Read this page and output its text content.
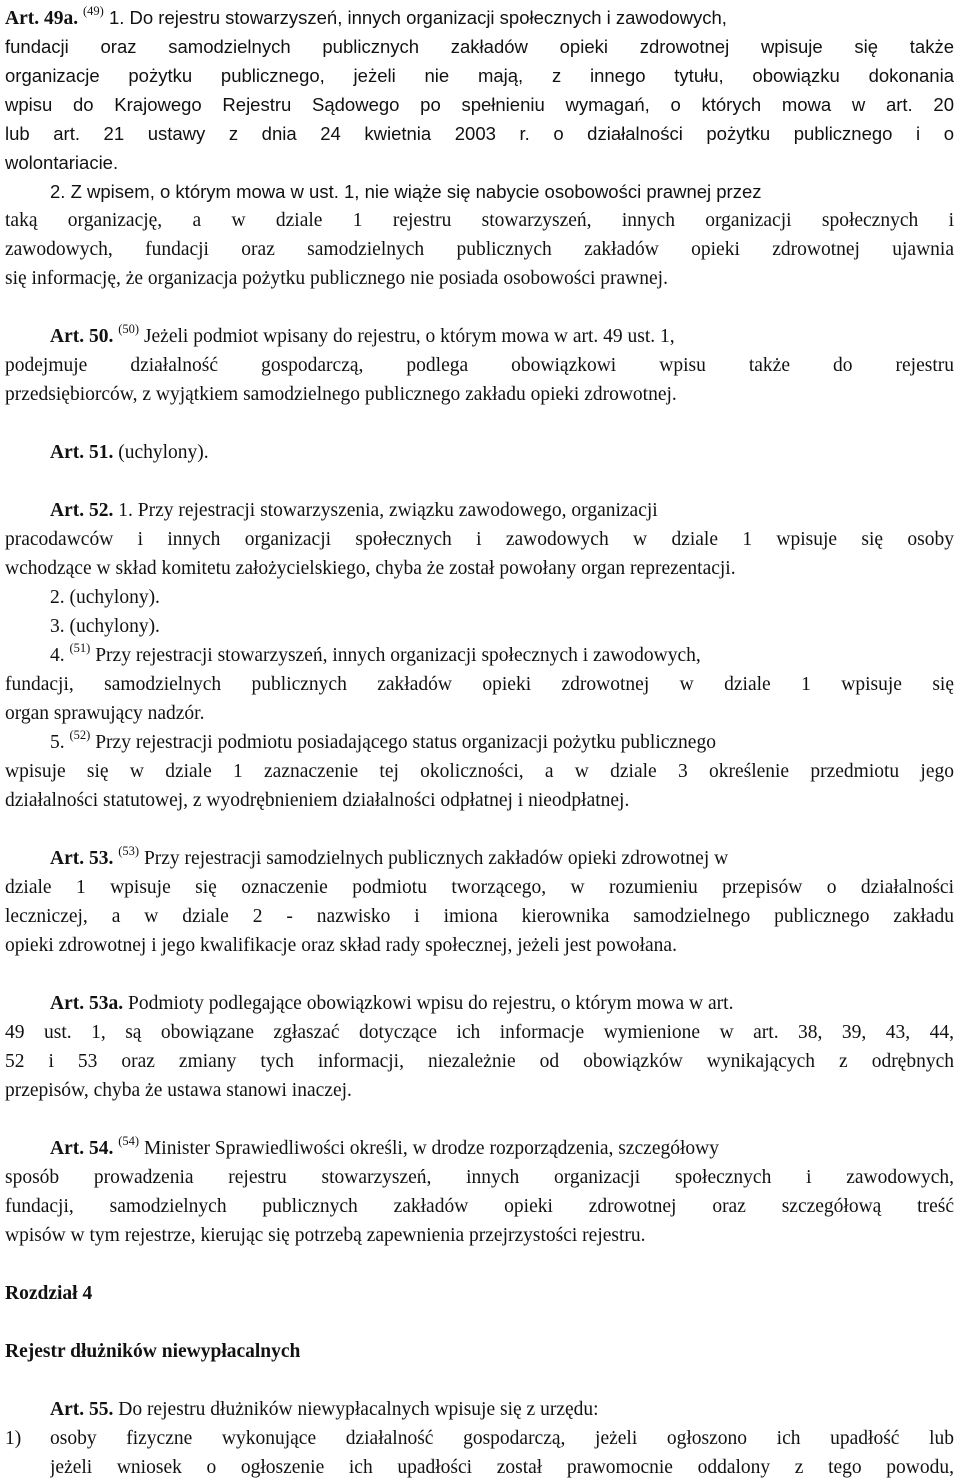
Art. 49a. $^{(49)}$ 1. Do rejestru stowarzyszeń, innych organizacji społecznych i zawodowych,
fundacji oraz samodzielnych publicznych zakładów opieki zdrowotnej wpisuje się także
organizacje pożytku publicznego, jeżeli nie mają, z innego tytułu, obowiązku dokonania
wpisu do Krajowego Rejestru Sądowego po spełnieniu wymagań, o których mowa w art. 20
lub art. 21 ustawy z dnia 24 kwietnia 2003 r. o działalności pożytku publicznego i o
wolontariacie.
2. Z wpisem, o którym mowa w ust. 1, nie wiąże się nabycie osobowości prawnej przez
taką organizację, a w dziale 1 rejestru stowarzyszeń, innych organizacji społecznych i
zawodowych, fundacji oraz samodzielnych publicznych zakładów opieki zdrowotnej ujawnia
się informację, że organizacja pożytku publicznego nie posiada osobowości prawnej.
Art. 50. $^{(50)}$ Jeżeli podmiot wpisany do rejestru, o którym mowa w art. 49 ust. 1,
podejmuje działalność gospodarczą, podlega obowiązkowi wpisu także do rejestru
przedsiębiorców, z wyjątkiem samodzielnego publicznego zakładu opieki zdrowotnej.
Art. 51. (uchylony).
Art. 52. 1. Przy rejestracji stowarzyszenia, związku zawodowego, organizacji
pracodawców i innych organizacji społecznych i zawodowych w dziale 1 wpisuje się osoby
wchodzące w skład komitetu założycielskiego, chyba że został powołany organ reprezentacji.
2. (uchylony).
3. (uchylony).
4. $^{(51)}$ Przy rejestracji stowarzyszeń, innych organizacji społecznych i zawodowych,
fundacji, samodzielnych publicznych zakładów opieki zdrowotnej w dziale 1 wpisuje się
organ sprawujący nadzór.
5. $^{(52)}$ Przy rejestracji podmiotu posiadającego status organizacji pożytku publicznego
wpisuje się w dziale 1 zaznaczenie tej okoliczności, a w dziale 3 określenie przedmiotu jego
działalności statutowej, z wyodrębnieniem działalności odpłatnej i nieodpłatnej.
Art. 53. $^{(53)}$ Przy rejestracji samodzielnych publicznych zakładów opieki zdrowotnej w
dziale 1 wpisuje się oznaczenie podmiotu tworzącego, w rozumieniu przepisów o działalności
leczniczej, a w dziale 2 - nazwisko i imiona kierownika samodzielnego publicznego zakładu
opieki zdrowotnej i jego kwalifikacje oraz skład rady społecznej, jeżeli jest powołana.
Art. 53a. Podmioty podlegające obowiązkowi wpisu do rejestru, o którym mowa w art.
49 ust. 1, są obowiązane zgłaszać dotyczące ich informacje wymienione w art. 38, 39, 43, 44,
52 i 53 oraz zmiany tych informacji, niezależnie od obowiązków wynikających z odrębnych
przepisów, chyba że ustawa stanowi inaczej.
Art. 54. $^{(54)}$ Minister Sprawiedliwości określi, w drodze rozporządzenia, szczegółowy
sposób prowadzenia rejestru stowarzyszeń, innych organizacji społecznych i zawodowych,
fundacji, samodzielnych publicznych zakładów opieki zdrowotnej oraz szczegółową treść
wpisów w tym rejestrze, kierując się potrzebą zapewnienia przejrzystości rejestru.
Rozdział 4
Rejestr dłużników niewypłacalnych
Art. 55. Do rejestru dłużników niewypłacalnych wpisuje się z urzędu:
1)	osoby fizyczne wykonujące działalność gospodarczą, jeżeli ogłoszono ich upadłość lub
jeżeli wniosek o ogłoszenie ich upadłości został prawomocnie oddalony z tego powodu,
